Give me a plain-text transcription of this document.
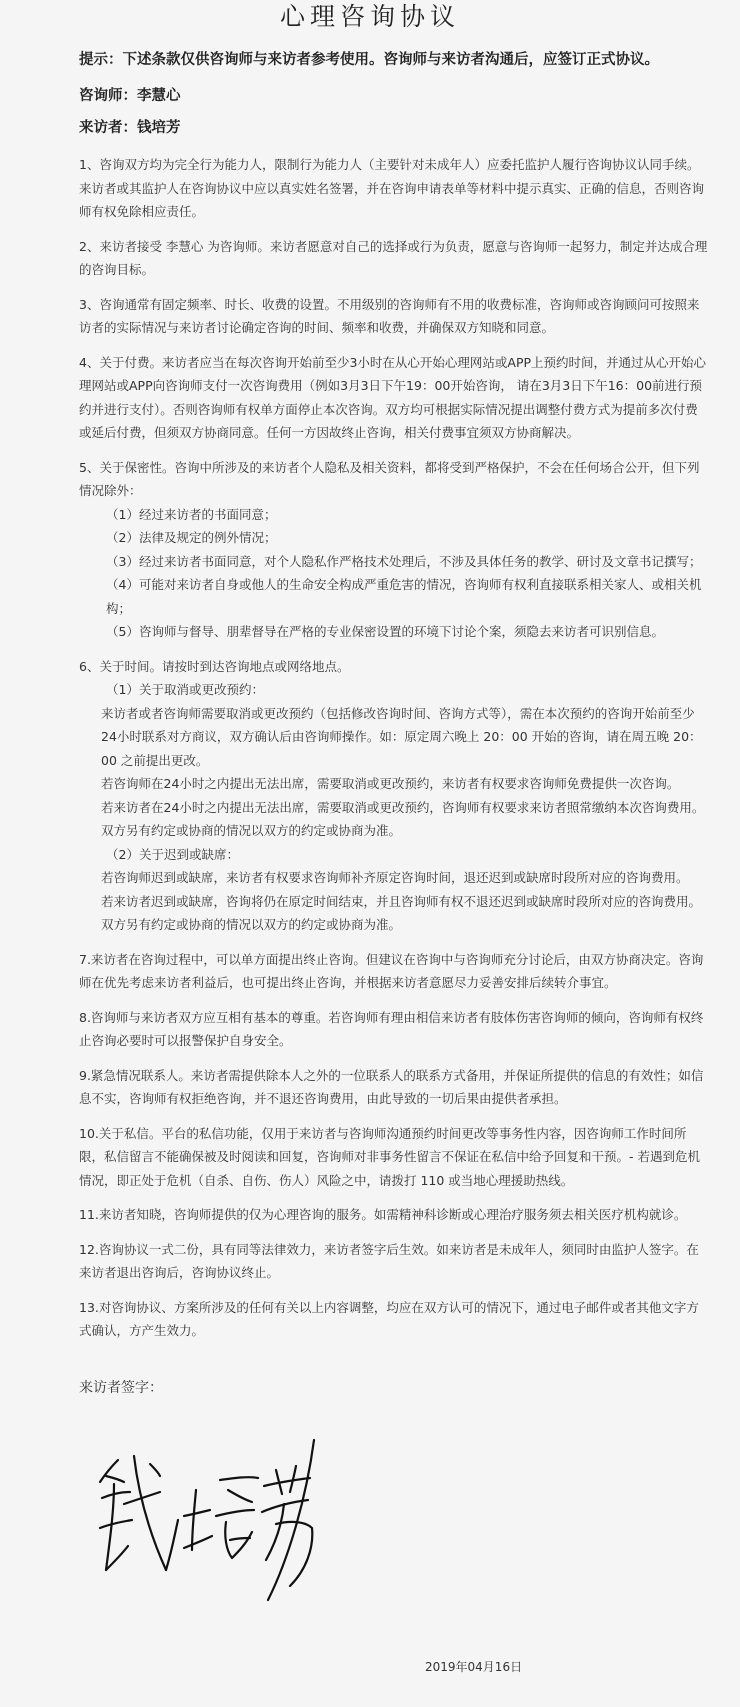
心理咨询协议
提示：下述条款仅供咨询师与来访者参考使用。咨询师与来访者沟通后，应签订正式协议。
咨询师：李慧心
来访者：钱培芳

1、咨询双方均为完全行为能力人，限制行为能力人（主要针对未成年人）应委托监护人履行咨询协议认同手续。来访者或其监护人在咨询协议中应以真实姓名签署，并在咨询申请表单等材料中提示真实、正确的信息，否则咨询师有权免除相应责任。

2、来访者接受 李慧心 为咨询师。来访者愿意对自己的选择或行为负责，愿意与咨询师一起努力，制定并达成合理的咨询目标。

3、咨询通常有固定频率、时长、收费的设置。不用级别的咨询师有不用的收费标准，咨询师或咨询顾问可按照来访者的实际情况与来访者讨论确定咨询的时间、频率和收费，并确保双方知晓和同意。

4、关于付费。来访者应当在每次咨询开始前至少3小时在从心开始心理网站或APP上预约时间，并通过从心开始心理网站或APP向咨询师支付一次咨询费用（例如3月3日下午19：00开始咨询， 请在3月3日下午16：00前进行预约并进行支付）。否则咨询师有权单方面停止本次咨询。双方均可根据实际情况提出调整付费方式为提前多次付费或延后付费，但须双方协商同意。任何一方因故终止咨询，相关付费事宜须双方协商解决。

5、关于保密性。咨询中所涉及的来访者个人隐私及相关资料，都将受到严格保护，不会在任何场合公开，但下列情况除外：

（1）经过来访者的书面同意；

（2）法律及规定的例外情况；

（3）经过来访者书面同意，对个人隐私作严格技术处理后，不涉及具体任务的教学、研讨及文章书记撰写；

（4）可能对来访者自身或他人的生命安全构成严重危害的情况，咨询师有权利直接联系相关家人、或相关机构；

（5）咨询师与督导、朋辈督导在严格的专业保密设置的环境下讨论个案，须隐去来访者可识别信息。

6、关于时间。请按时到达咨询地点或网络地点。

（1）关于取消或更改预约：

来访者或者咨询师需要取消或更改预约（包括修改咨询时间、咨询方式等），需在本次预约的咨询开始前至少24小时联系对方商议，双方确认后由咨询师操作。如：原定周六晚上 20：00 开始的咨询，请在周五晚 20：00 之前提出更改。

若咨询师在24小时之内提出无法出席，需要取消或更改预约，来访者有权要求咨询师免费提供一次咨询。

若来访者在24小时之内提出无法出席，需要取消或更改预约，咨询师有权要求来访者照常缴纳本次咨询费用。

双方另有约定或协商的情况以双方的约定或协商为准。

（2）关于迟到或缺席：

若咨询师迟到或缺席，来访者有权要求咨询师补齐原定咨询时间，退还迟到或缺席时段所对应的咨询费用。

若来访者迟到或缺席，咨询将仍在原定时间结束，并且咨询师有权不退还迟到或缺席时段所对应的咨询费用。

双方另有约定或协商的情况以双方的约定或协商为准。

7.来访者在咨询过程中，可以单方面提出终止咨询。但建议在咨询中与咨询师充分讨论后，由双方协商决定。咨询师在优先考虑来访者利益后，也可提出终止咨询，并根据来访者意愿尽力妥善安排后续转介事宜。

8.咨询师与来访者双方应互相有基本的尊重。若咨询师有理由相信来访者有肢体伤害咨询师的倾向，咨询师有权终止咨询必要时可以报警保护自身安全。

9.紧急情况联系人。来访者需提供除本人之外的一位联系人的联系方式备用，并保证所提供的信息的有效性；如信息不实，咨询师有权拒绝咨询，并不退还咨询费用，由此导致的一切后果由提供者承担。

10.关于私信。平台的私信功能，仅用于来访者与咨询师沟通预约时间更改等事务性内容，因咨询师工作时间所限，私信留言不能确保被及时阅读和回复，咨询师对非事务性留言不保证在私信中给予回复和干预。- 若遇到危机情况，即正处于危机（自杀、自伤、伤人）风险之中，请拨打 110 或当地心理援助热线。

11.来访者知晓，咨询师提供的仅为心理咨询的服务。如需精神科诊断或心理治疗服务须去相关医疗机构就诊。

12.咨询协议一式二份，具有同等法律效力，来访者签字后生效。如来访者是未成年人，须同时由监护人签字。在来访者退出咨询后，咨询协议终止。

13.对咨询协议、方案所涉及的任何有关以上内容调整，均应在双方认可的情况下，通过电子邮件或者其他文字方式确认，方产生效力。

来访者签字：
2019年04月16日
